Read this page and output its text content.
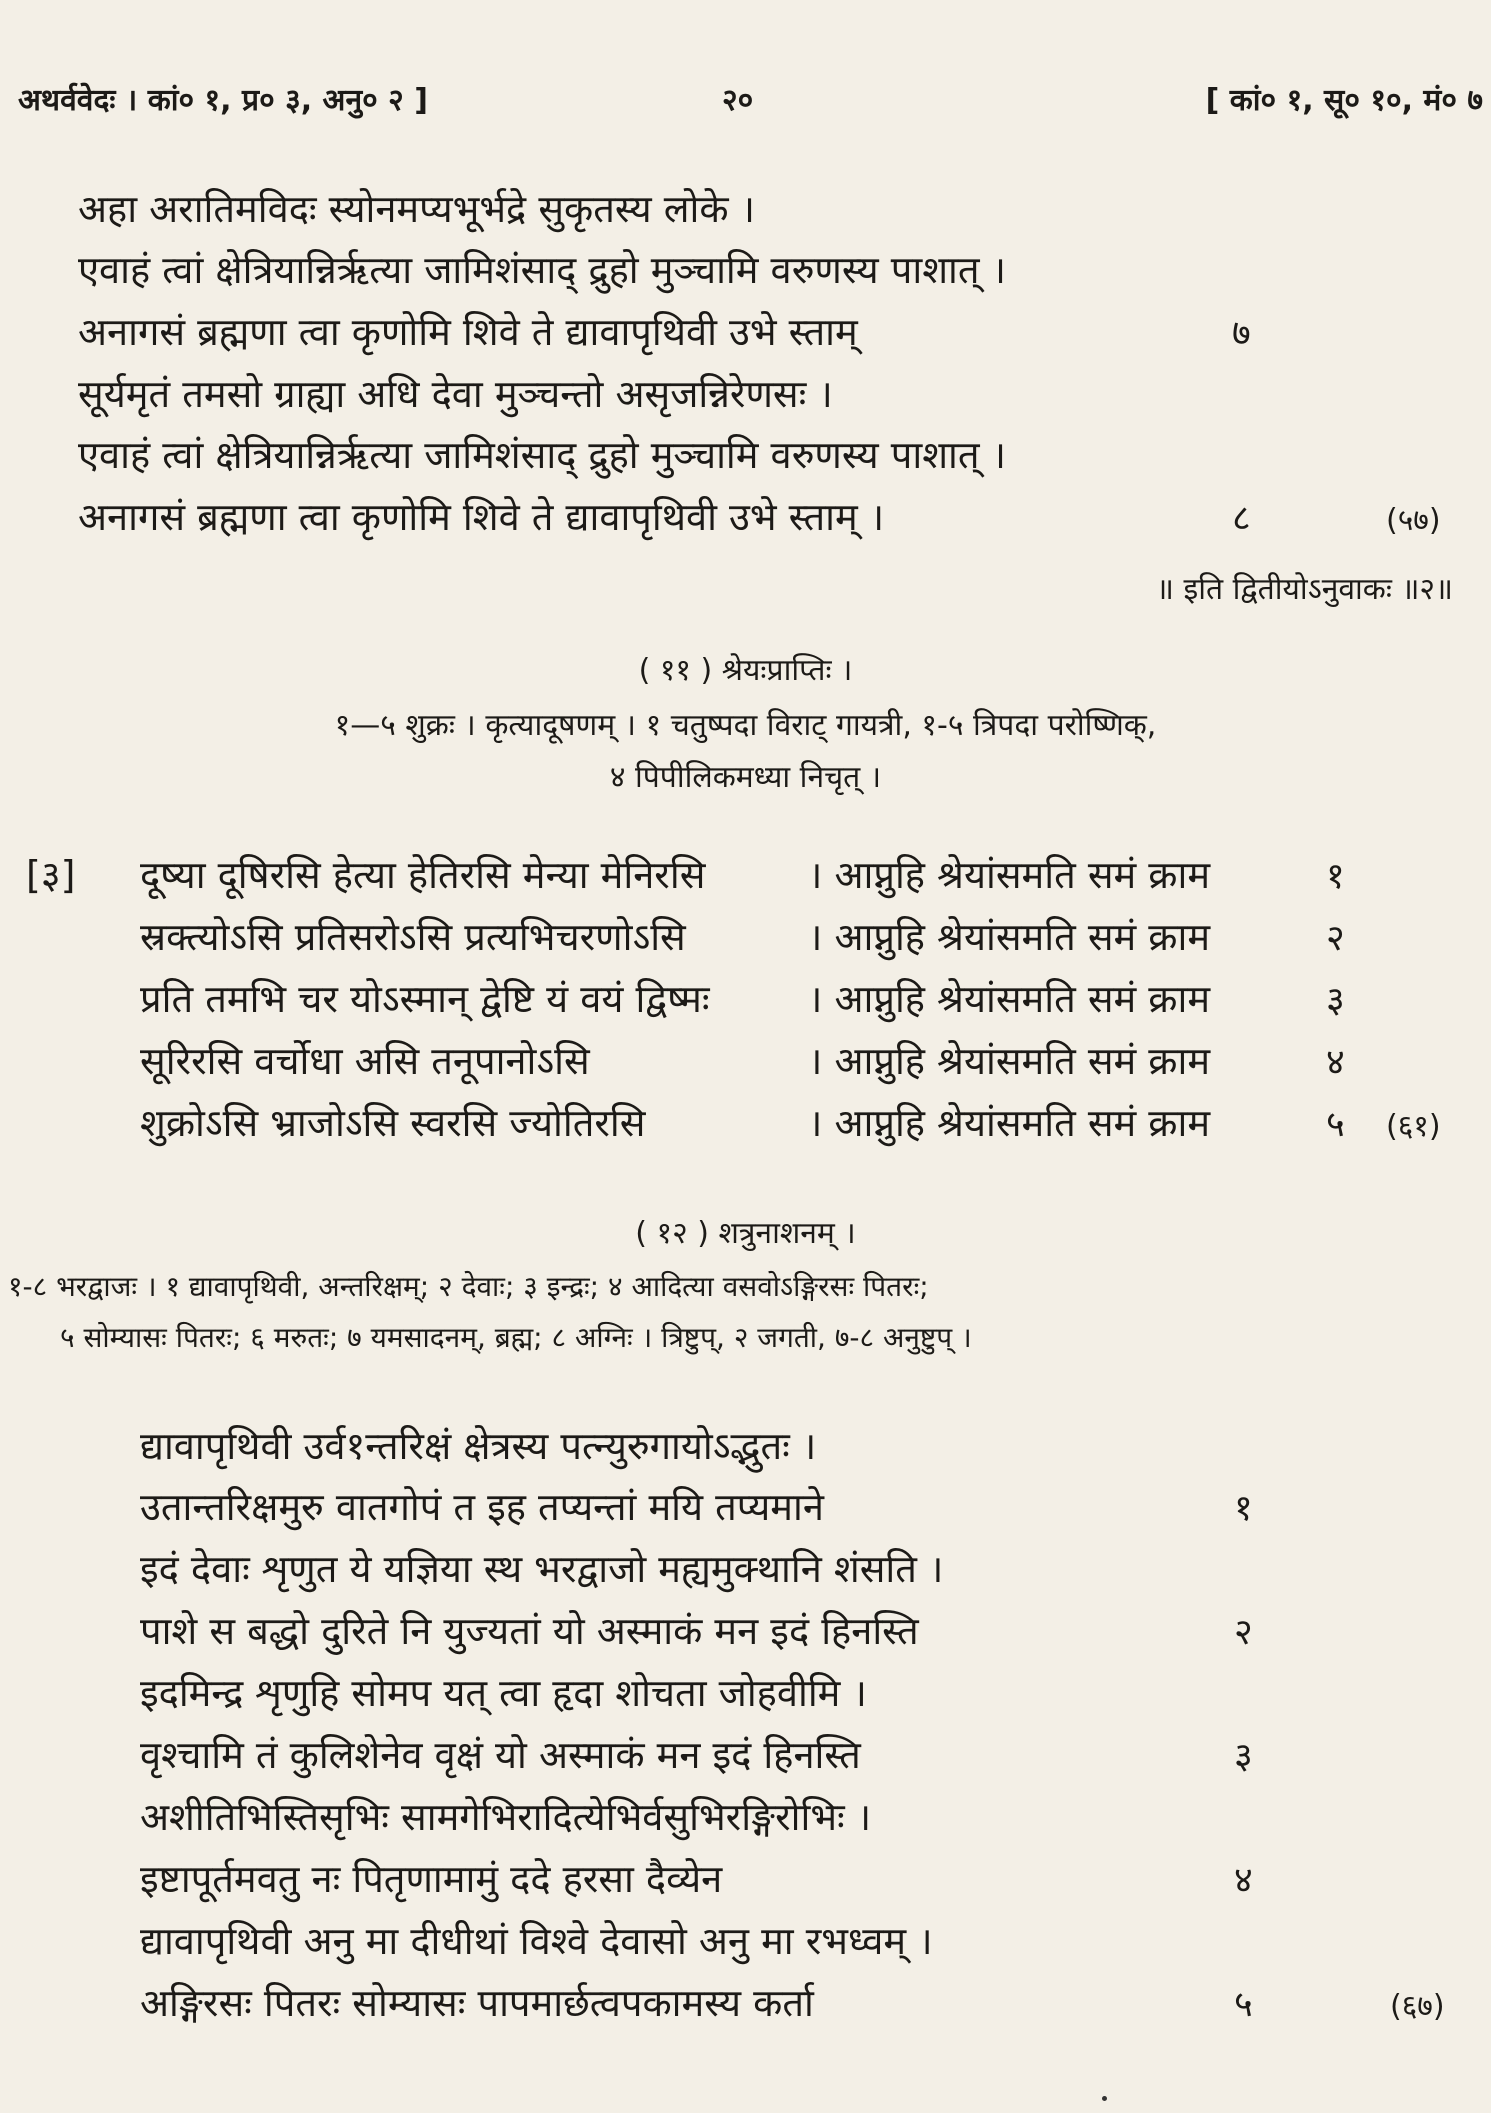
अथर्ववेदः । कां० १, प्र० ३, अनु० २ ]	२०	[ कां० १, सू० १०, मं० ७
अहा अरातिमविदः स्योनमप्यभूर्भद्रे सुकृतस्य लोके ।
एवाहं त्वां क्षेत्रियान्निर्ऋत्या जामिशंसाद् द्रुहो मुञ्चामि वरुणस्य पाशात् ।
अनागसं ब्रह्मणा त्वा कृणोमि शिवे ते द्यावापृथिवी उभे स्ताम्	७
सूर्यमृतं तमसो ग्राह्या अधि देवा मुञ्चन्तो असृजन्निरेणसः ।
एवाहं त्वां क्षेत्रियान्निर्ऋत्या जामिशंसाद् द्रुहो मुञ्चामि वरुणस्य पाशात् ।
अनागसं ब्रह्मणा त्वा कृणोमि शिवे ते द्यावापृथिवी उभे स्ताम् ।	८	(५७)
॥ इति द्वितीयोऽनुवाकः ॥२॥
( ११ ) श्रेयःप्राप्तिः ।
१—५ शुक्रः । कृत्यादूषणम् । १ चतुष्पदा विराट् गायत्री, १-५ त्रिपदा परोष्णिक्,
४ पिपीलिकमध्या निचृत् ।
[३] दूष्या दूषिरसि हेत्या हेतिरसि मेन्या मेनिरसि	। आप्नुहि श्रेयांसमति समं क्राम	१
स्रक्त्योऽसि प्रतिसरोऽसि प्रत्यभिचरणोऽसि	। आप्नुहि श्रेयांसमति समं क्राम	२
प्रति तमभि चर योऽस्मान् द्वेष्टि यं वयं द्विष्मः	। आप्नुहि श्रेयांसमति समं क्राम	३
सूरिरसि वर्चोधा असि तनूपानोऽसि	। आप्नुहि श्रेयांसमति समं क्राम	४
शुक्रोऽसि भ्राजोऽसि स्वरसि ज्योतिरसि	। आप्नुहि श्रेयांसमति समं क्राम	५ (६१)
( १२ ) शत्रुनाशनम् ।
१-८ भरद्वाजः । १ द्यावापृथिवी, अन्तरिक्षम्; २ देवाः; ३ इन्द्रः; ४ आदित्या वसवोऽङ्गिरसः पितरः;
५ सोम्यासः पितरः; ६ मरुतः; ७ यमसादनम्, ब्रह्म; ८ अग्निः । त्रिष्टुप्, २ जगती, ७-८ अनुष्टुप् ।
द्यावापृथिवी उर्व१न्तरिक्षं क्षेत्रस्य पत्न्युरुगायोऽद्भुतः ।
उतान्तरिक्षमुरु वातगोपं त इह तप्यन्तां मयि तप्यमाने	१
इदं देवाः शृणुत ये यज्ञिया स्थ भरद्वाजो मह्यमुक्थानि शंसति ।
पाशे स बद्धो दुरिते नि युज्यतां यो अस्माकं मन इदं हिनस्ति	२
इदमिन्द्र शृणुहि सोमप यत् त्वा हृदा शोचता जोहवीमि ।
वृश्चामि तं कुलिशेनेव वृक्षं यो अस्माकं मन इदं हिनस्ति	३
अशीतिभिस्तिसृभिः सामगेभिरादित्येभिर्वसुभिरङ्गिरोभिः ।
इष्टापूर्तमवतु नः पितृणामामुं ददे हरसा दैव्येन	४
द्यावापृथिवी अनु मा दीधीथां विश्वे देवासो अनु मा रभध्वम् ।
अङ्गिरसः पितरः सोम्यासः पापमार्छत्वपकामस्य कर्ता	५	(६७)
